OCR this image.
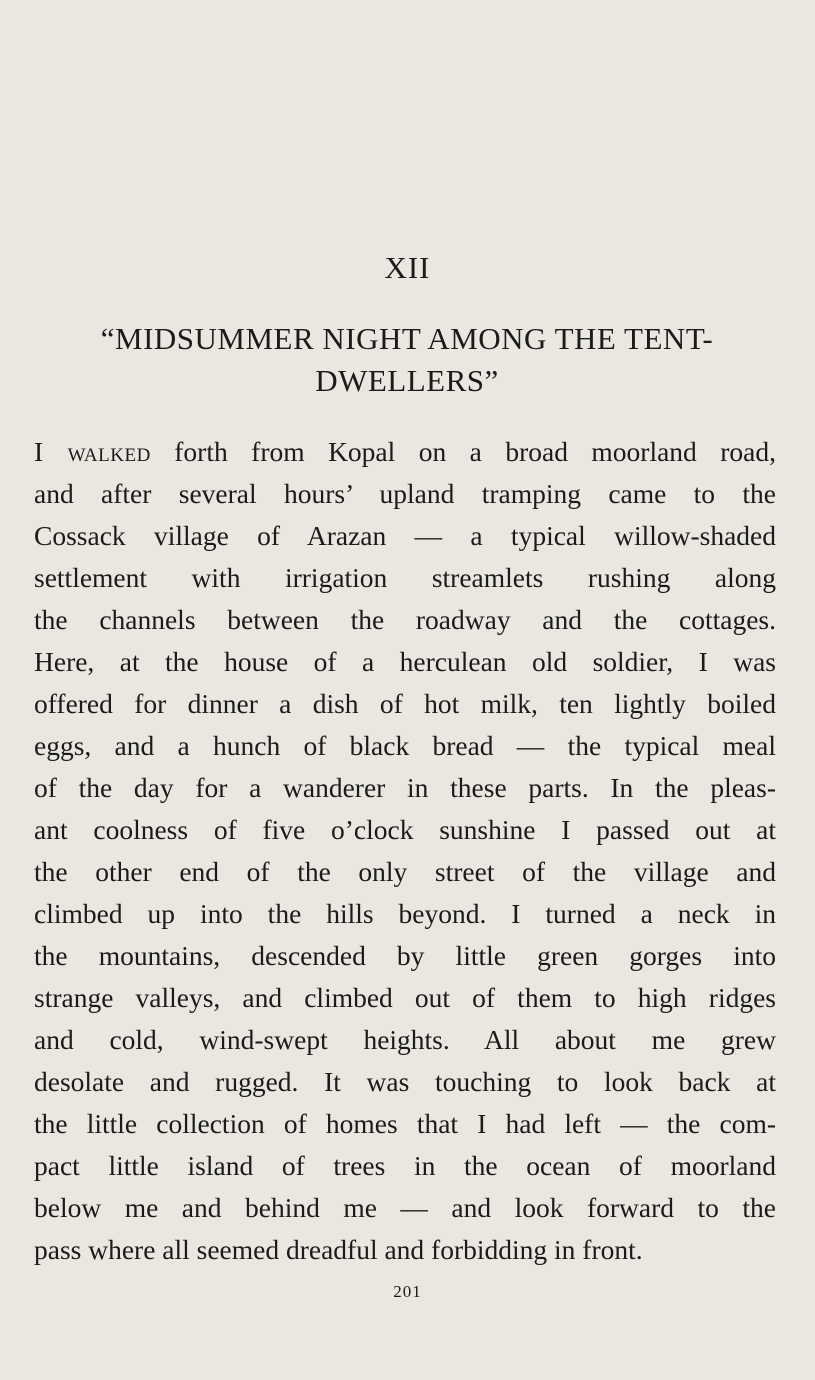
XII
“MIDSUMMER NIGHT AMONG THE TENT-
DWELLERS”
I walked forth from Kopal on a broad moorland road,
and after several hours’ upland tramping came to the
Cossack village of Arazan — a typical willow-shaded
settlement with irrigation streamlets rushing along
the channels between the roadway and the cottages.
Here, at the house of a herculean old soldier, I was
offered for dinner a dish of hot milk, ten lightly boiled
eggs, and a hunch of black bread — the typical meal
of the day for a wanderer in these parts. In the pleas-
ant coolness of five o’clock sunshine I passed out at
the other end of the only street of the village and
climbed up into the hills beyond. I turned a neck in
the mountains, descended by little green gorges into
strange valleys, and climbed out of them to high ridges
and cold, wind-swept heights. All about me grew
desolate and rugged. It was touching to look back at
the little collection of homes that I had left — the com-
pact little island of trees in the ocean of moorland
below me and behind me — and look forward to the
pass where all seemed dreadful and forbidding in front.
201
